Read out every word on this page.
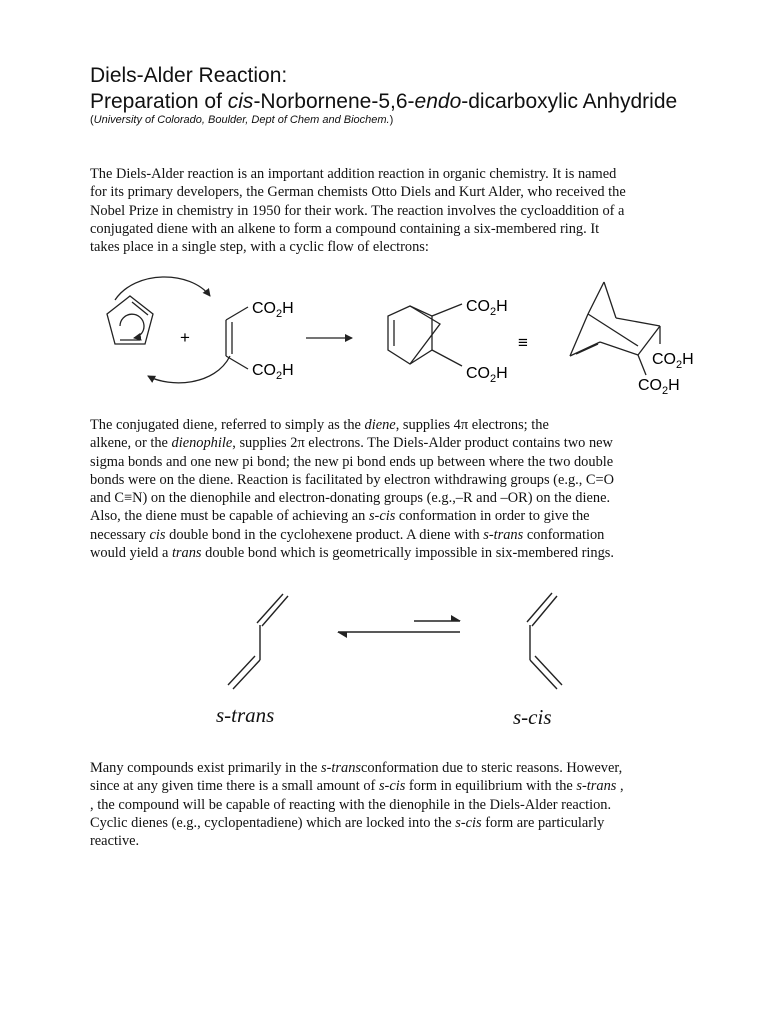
Diels-Alder Reaction:
Preparation of cis-Norbornene-5,6-endo-dicarboxylic Anhydride
(University of Colorado, Boulder, Dept of Chem and Biochem.)
The Diels-Alder reaction is an important addition reaction in organic chemistry. It is named
for its primary developers, the German chemists Otto Diels and Kurt Alder, who received the
Nobel Prize in chemistry in 1950 for their work. The reaction involves the cycloaddition of a
conjugated diene with an alkene to form a compound containing a six-membered ring. It
takes place in a single step, with a cyclic flow of electrons:
+	≡
$CO_2H$
$CO_2H$
$CO_2H$
$CO_2H$
$CO_2H$
$CO_2H$
The conjugated diene, referred to simply as the diene, supplies 4π electrons; the
alkene, or the dienophile, supplies 2π electrons. The Diels-Alder product contains two new
sigma bonds and one new pi bond; the new pi bond ends up between where the two double
bonds were on the diene. Reaction is facilitated by electron withdrawing groups (e.g., C=O
and C≡N) on the dienophile and electron-donating groups (e.g.,–R and –OR) on the diene.
Also, the diene must be capable of achieving an s-cis conformation in order to give the
necessary cis double bond in the cyclohexene product. A diene with s-trans conformation
would yield a trans double bond which is geometrically impossible in six-membered rings.
s-trans	s-cis
Many compounds exist primarily in the s-transconformation due to steric reasons. However,
since at any given time there is a small amount of s-cis form in equilibrium with the s-trans ,
, the compound will be capable of reacting with the dienophile in the Diels-Alder reaction.
Cyclic dienes (e.g., cyclopentadiene) which are locked into the s-cis form are particularly
reactive.
